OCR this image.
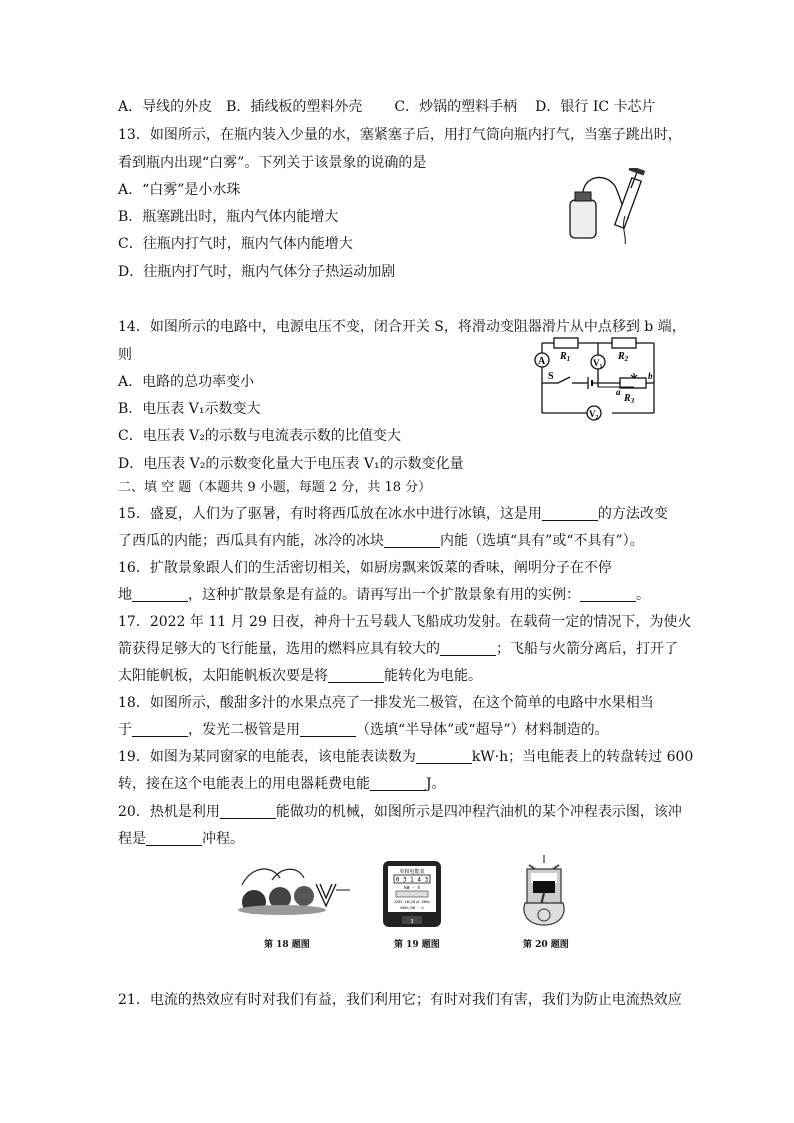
A．导线的外皮 B．插线板的塑料外壳 C．炒锅的塑料手柄 D．银行 IC 卡芯片
13．如图所示，在瓶内装入少量的水，塞紧塞子后，用打气筒向瓶内打气，当塞子跳出时，
看到瓶内出现“白雾”。下列关于该景象的说确的是
A．“白雾”是小水珠
B．瓶塞跳出时，瓶内气体内能增大
C．往瓶内打气时，瓶内气体内能增大
D．往瓶内打气时，瓶内气体分子热运动加剧
14．如图所示的电路中，电源电压不变，闭合开关 S，将滑动变阻器滑片从中点移到 b 端，
则
A．电路的总功率变小
B．电压表 V₁示数变大
C．电压表 V₂的示数与电流表示数的比值变大
D．电压表 V₂的示数变化量大于电压表 V₁的示数变化量
$R_1$	$R_2$
A	$V_1$
S
a
b
$R_3$
$V_2$
二、填 空 题（本题共 9 小题，每题 2 分，共 18 分）
15．盛夏，人们为了驱暑，有时将西瓜放在冰水中进行冰镇，这是用	的方法改变
了西瓜的内能；西瓜具有内能，冰冷的冰块	内能（选填“具有”或“不具有”）。
16．扩散景象跟人们的生活密切相关，如厨房飘来饭菜的香味，阐明分子在不停
地	，这种扩散景象是有益的。请再写出一个扩散景象有用的实例：	。
17．2022 年 11 月 29 日夜，神舟十五号载人飞船成功发射。在载荷一定的情况下，为使火
箭获得足够大的飞行能量，选用的燃料应具有较大的	；飞船与火箭分离后，打开了
太阳能帆板，太阳能帆板次要是将	能转化为电能。
18．如图所示，酸甜多汁的水果点亮了一排发光二极管，在这个简单的电路中水果相当
于	，发光二极管是用	（选填“半导体”或“超导”）材料制造的。
19．如图为某同窗家的电能表，该电能表读数为	kW·h；当电能表上的转盘转过 600
转，接在这个电能表上的用电器耗费电能	J。
20．热机是利用	能做功的机械，如图所示是四冲程汽油机的某个冲程表示图，该冲
程是	冲程。
第 18 题图
单相电能表
0 3 1 4 3
kW · h
220V 10(20)A 50Hz
600r/kW · h
3
第 19 题图	第 20 题图
21．电流的热效应有时对我们有益，我们利用它；有时对我们有害，我们为防止电流热效应
